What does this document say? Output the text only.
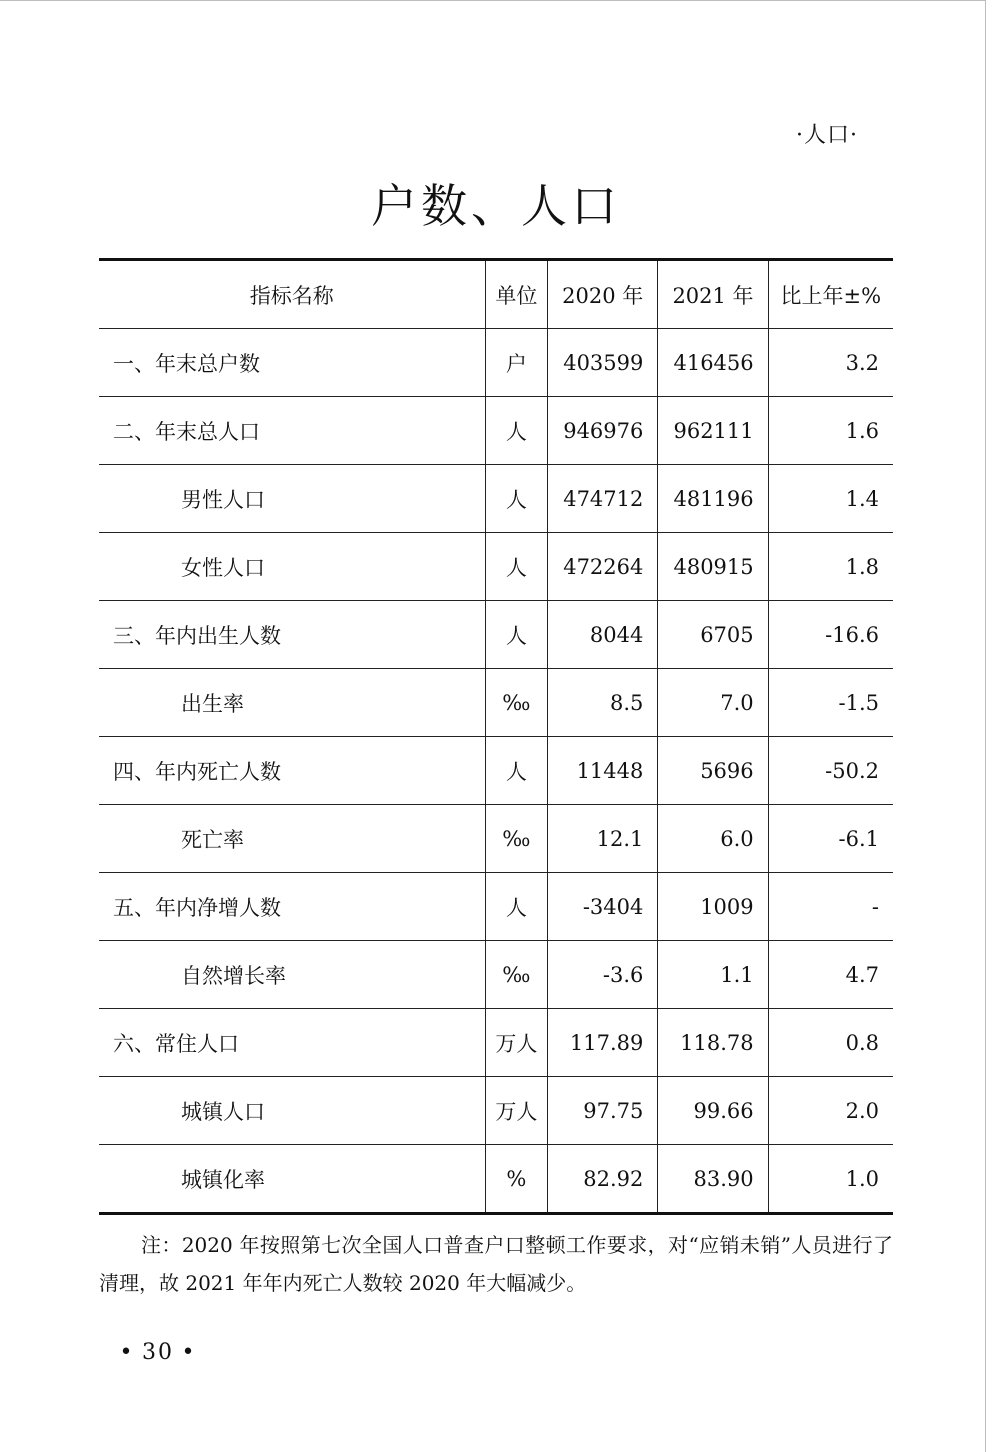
·人口·
户数、人口
指标名称	单位	2020 年	2021 年	比上年±%
一、年末总户数	户	403599	416456	3.2
二、年末总人口	人	946976	962111	1.6
男性人口	人	474712	481196	1.4
女性人口	人	472264	480915	1.8
三、年内出生人数	人	8044	6705	-16.6
出生率	‰	8.5	7.0	-1.5
四、年内死亡人数	人	11448	5696	-50.2
死亡率	‰	12.1	6.0	-6.1
五、年内净增人数	人	-3404	1009	-
自然增长率	‰	-3.6	1.1	4.7
六、常住人口	万人	117.89	118.78	0.8
城镇人口	万人	97.75	99.66	2.0
城镇化率	%	82.92	83.90	1.0
注：2020 年按照第七次全国人口普查户口整顿工作要求，对“应销未销”人员进行了清理，故 2021 年年内死亡人数较 2020 年大幅减少。
• 30 •
